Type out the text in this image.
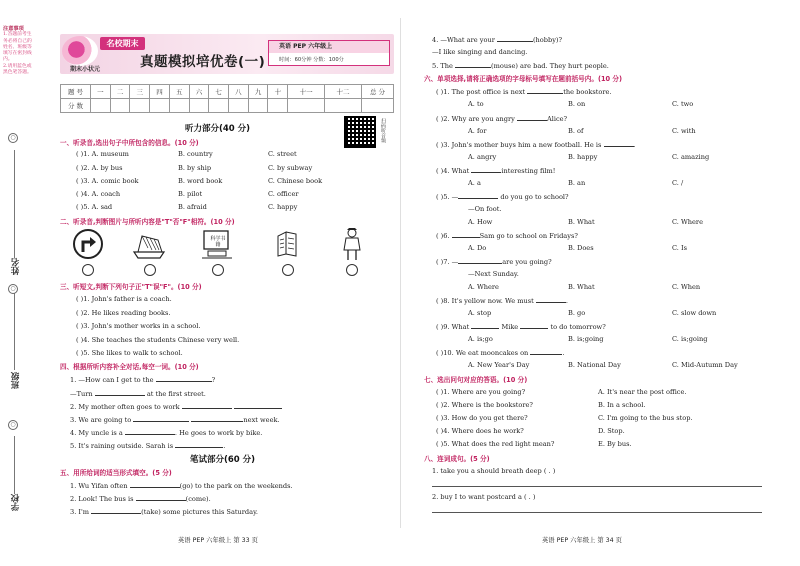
注意事项
1.答题前考生务必将自己的姓名、班级等填写在密封线内。
2.请用蓝色或黑色笔答题。
○
姓名
○
班级
○
学校
名校期末
期末小状元	真题模拟培优卷(一)
英语 PEP 六年级上
时间：60分钟 分数：100分
题 号	一	二	三	四	五	六	七	八	九	十	十一	十二	总 分
分 数													
听力部分(40 分)	扫码听音频
一、听录音,选出句子中所包含的信息。(10 分)
( )1. A. museum	B. country	C. street
( )2. A. by bus	B. by ship	C. by subway
( )3. A. comic book	B. word book	C. Chinese book
( )4. A. coach	B. pilot	C. officer
( )5. A. sad	B. afraid	C. happy
二、听录音,判断图片与所听内容是"T"否"F"相符。(10 分)
科学书籍
三、听短文,判断下列句子正"T"误"F"。(10 分)
( )1. John's father is a coach.
( )2. He likes reading books.
( )3. John's mother works in a school.
( )4. She teaches the students Chinese very well.
( )5. She likes to walk to school.
四、根据所听内容补全对话,每空一词。(10 分)
1. —How can I get to the	?
—Turn	at the first street.
2. My mother often goes to work
3. We are going to	next week.
4. My uncle is a	. He goes to work by bike.
5. It's raining outside. Sarah is	.
笔试部分(60 分)
五、用所给词的适当形式填空。(5 分)
1. Wu Yifan often	(go) to the park on the weekends.
2. Look! The bus is	(come).
3. I'm	(take) some pictures this Saturday.
英语 PEP 六年级上 第 33 页
4. —What are your	(hobby)?
—I like singing and dancing.
5. The	(mouse) are bad. They hurt people.
六、单项选择,请将正确选项的字母标号填写在题前括号内。(10 分)
( )1. The post office is next	the bookstore.
A. to	B. on	C. two
( )2. Why are you angry	Alice?
A. for	B. of	C. with
( )3. John's mother buys him a new football. He is	.
A. angry	B. happy	C. amazing
( )4. What	interesting film!
A. a	B. an	C. /
( )5. —	do you go to school?
—On foot.
A. How	B. What	C. Where
( )6.	Sam go to school on Fridays?
A. Do	B. Does	C. Is
( )7. —	are you going?
—Next Sunday.
A. Where	B. What	C. When
( )8. It's yellow now. We must	.
A. stop	B. go	C. slow down
( )9. What	Mike	to do tomorrow?
A. is;go	B. is;going	C. is;going
( )10. We eat mooncakes on	.
A. New Year's Day	B. National Day	C. Mid-Autumn Day
七、选出问句对应的答语。(10 分)
( )1. Where are you going?	A. It's near the post office.
( )2. Where is the bookstore?	B. In a school.
( )3. How do you get there?	C. I'm going to the bus stop.
( )4. Where does he work?	D. Stop.
( )5. What does the red light mean?	E. By bus.
八、连词成句。(5 分)
1. take you a should breath deep ( . )
2. buy I to want postcard a ( . )
英语 PEP 六年级上 第 34 页
